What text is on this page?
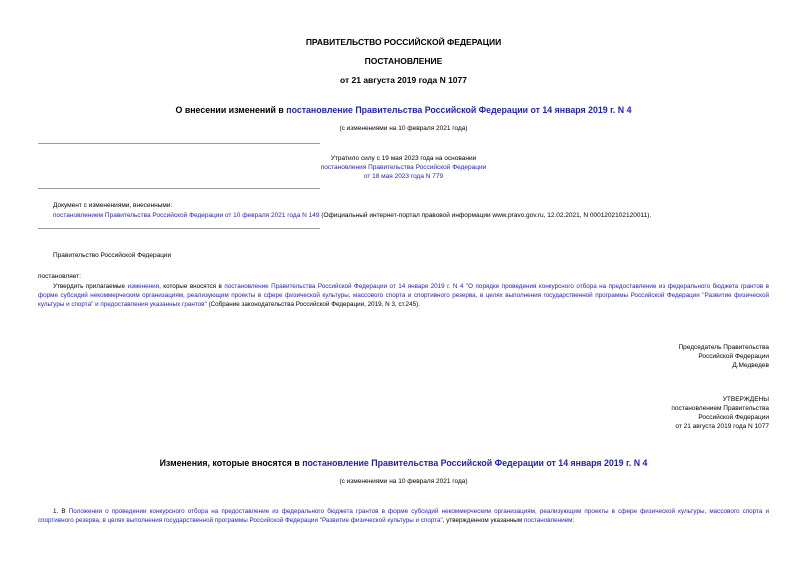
ПРАВИТЕЛЬСТВО РОССИЙСКОЙ ФЕДЕРАЦИИ
ПОСТАНОВЛЕНИЕ
от 21 августа 2019 года N 1077
О внесении изменений в постановление Правительства Российской Федерации от 14 января 2019 г. N 4
(с изменениями на 10 февраля 2021 года)
Утратило силу с 19 мая 2023 года на основании
постановления Правительства Российской Федерации
от 18 мая 2023 года N 779
Документ с изменениями, внесенными:
постановлением Правительства Российской Федерации от 10 февраля 2021 года N 149 (Официальный интернет-портал правовой информации www.pravo.gov.ru, 12.02.2021, N 0001202102120011).
Правительство Российской Федерации
постановляет:
Утвердить прилагаемые изменения, которые вносятся в постановление Правительства Российской Федерации от 14 января 2019 г. N 4 "О порядке проведения конкурсного отбора на предоставление из федерального бюджета грантов в форме субсидий некоммерческим организациям, реализующим проекты в сфере физической культуры, массового спорта и спортивного резерва, в целях выполнения государственной программы Российской Федерации "Развитие физической культуры и спорта" и предоставления указанных грантов" (Собрание законодательства Российской Федерации, 2019, N 3, ст.245).
Председатель Правительства
Российской Федерации
Д.Медведев
УТВЕРЖДЕНЫ
постановлением Правительства
Российской Федерации
от 21 августа 2019 года N 1077
Изменения, которые вносятся в постановление Правительства Российской Федерации от 14 января 2019 г. N 4
(с изменениями на 10 февраля 2021 года)
1. В Положении о проведении конкурсного отбора на предоставление из федерального бюджета грантов в форме субсидий некоммерческим организациям, реализующим проекты в сфере физической культуры, массового спорта и спортивного резерва, в целях выполнения государственной программы Российской Федерации "Развитие физической культуры и спорта", утвержденном указанным постановлением:
